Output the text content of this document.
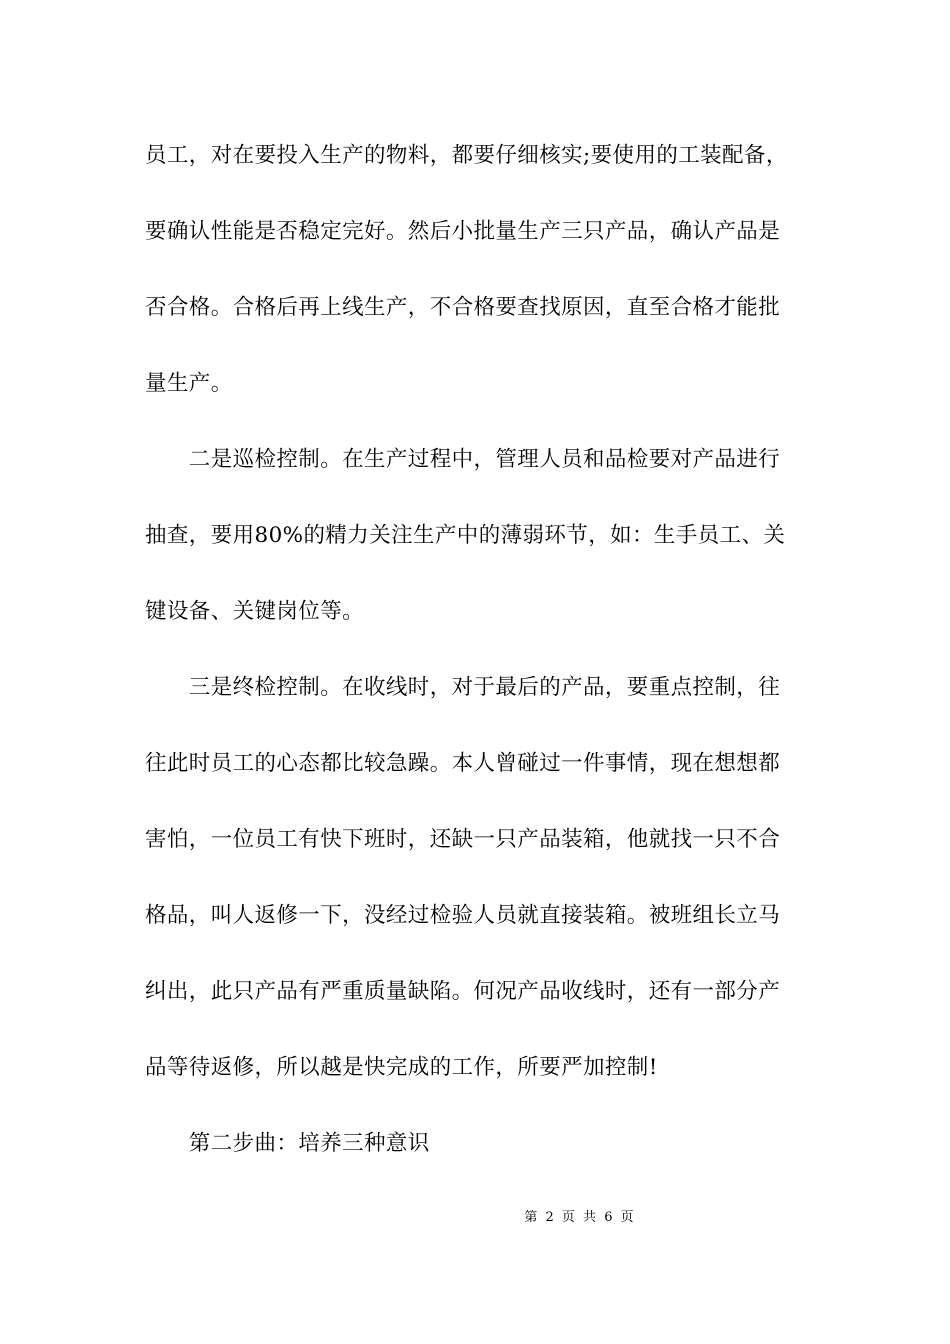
员工，对在要投入生产的物料，都要仔细核实;要使用的工装配备，
要确认性能是否稳定完好。然后小批量生产三只产品，确认产品是
否合格。合格后再上线生产，不合格要查找原因，直至合格才能批
量生产。
　　二是巡检控制。在生产过程中，管理人员和品检要对产品进行
抽查，要用80%的精力关注生产中的薄弱环节，如：生手员工、关
键设备、关键岗位等。
　　三是终检控制。在收线时，对于最后的产品，要重点控制，往
往此时员工的心态都比较急躁。本人曾碰过一件事情，现在想想都
害怕，一位员工有快下班时，还缺一只产品装箱，他就找一只不合
格品，叫人返修一下，没经过检验人员就直接装箱。被班组长立马
纠出，此只产品有严重质量缺陷。何况产品收线时，还有一部分产
品等待返修，所以越是快完成的工作，所要严加控制!
　　第二步曲：培养三种意识
第 2 页 共 6 页
